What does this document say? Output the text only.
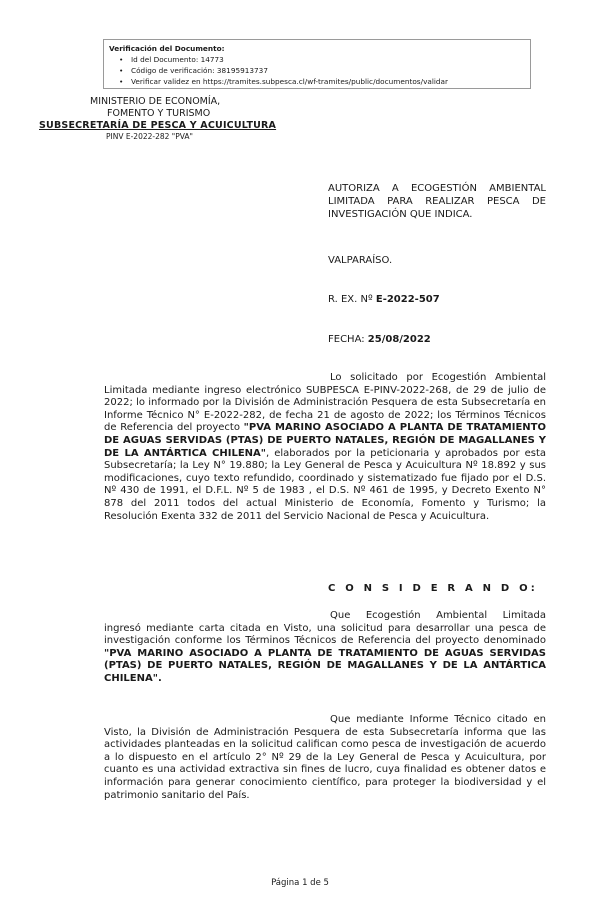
Verificación del Documento:
• Id del Documento: 14773
• Código de verificación: 38195913737
• Verificar validez en https://tramites.subpesca.cl/wf-tramites/public/documentos/validar
MINISTERIO DE ECONOMÍA,
FOMENTO Y TURISMO
SUBSECRETARÍA DE PESCA Y ACUICULTURA
PINV E-2022-282 "PVA"
AUTORIZA A ECOGESTIÓN AMBIENTAL LIMITADA PARA REALIZAR PESCA DE INVESTIGACIÓN QUE INDICA.
VALPARAÍSO.
R. EX. Nº E-2022-507
FECHA: 25/08/2022
Lo solicitado por Ecogestión Ambiental Limitada mediante ingreso electrónico SUBPESCA E-PINV-2022-268, de 29 de julio de 2022; lo informado por la División de Administración Pesquera de esta Subsecretaría en Informe Técnico N° E-2022-282, de fecha 21 de agosto de 2022; los Términos Técnicos de Referencia del proyecto "PVA MARINO ASOCIADO A PLANTA DE TRATAMIENTO DE AGUAS SERVIDAS (PTAS) DE PUERTO NATALES, REGIÓN DE MAGALLANES Y DE LA ANTÁRTICA CHILENA", elaborados por la peticionaria y aprobados por esta Subsecretaría; la Ley N° 19.880; la Ley General de Pesca y Acuicultura Nº 18.892 y sus modificaciones, cuyo texto refundido, coordinado y sistematizado fue fijado por el D.S. Nº 430 de 1991, el D.F.L. Nº 5 de 1983 , el D.S. Nº 461 de 1995, y Decreto Exento N° 878 del 2011 todos del actual Ministerio de Economía, Fomento y Turismo; la Resolución Exenta 332 de 2011 del Servicio Nacional de Pesca y Acuicultura.
C O N S I D E R A N D O:
Que Ecogestión Ambiental Limitada ingresó mediante carta citada en Visto, una solicitud para desarrollar una pesca de investigación conforme los Términos Técnicos de Referencia del proyecto denominado "PVA MARINO ASOCIADO A PLANTA DE TRATAMIENTO DE AGUAS SERVIDAS (PTAS) DE PUERTO NATALES, REGIÓN DE MAGALLANES Y DE LA ANTÁRTICA CHILENA".
Que mediante Informe Técnico citado en Visto, la División de Administración Pesquera de esta Subsecretaría informa que las actividades planteadas en la solicitud califican como pesca de investigación de acuerdo a lo dispuesto en el artículo 2° Nº 29 de la Ley General de Pesca y Acuicultura, por cuanto es una actividad extractiva sin fines de lucro, cuya finalidad es obtener datos e información para generar conocimiento científico, para proteger la biodiversidad y el patrimonio sanitario del País.
Página 1 de 5
